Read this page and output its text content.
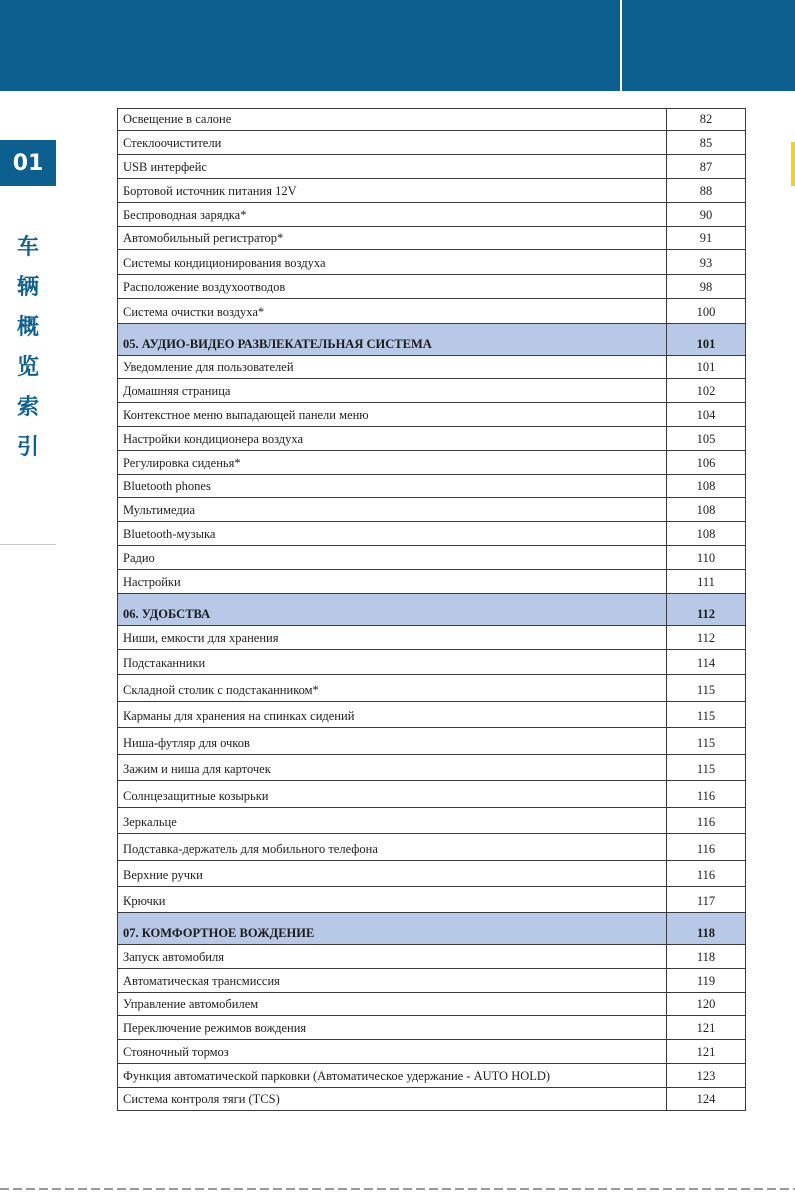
01
车
辆
概
览
索
引
Освещение в салоне	82
Стеклоочистители	85
USB интерфейс	87
Бортовой источник питания 12V	88
Беспроводная зарядка*	90
Автомобильный регистратор*	91
Системы кондиционирования воздуха	93
Расположение воздухоотводов	98
Система очистки воздуха*	100
05. АУДИО-ВИДЕО РАЗВЛЕКАТЕЛЬНАЯ СИСТЕМА	101
Уведомление для пользователей	101
Домашняя страница	102
Контекстное меню выпадающей панели меню	104
Настройки кондиционера воздуха	105
Регулировка сиденья*	106
Bluetooth phones	108
Мультимедиа	108
Bluetooth-музыка	108
Радио	110
Настройки	111
06. УДОБСТВА	112
Ниши, емкости для хранения	112
Подстаканники	114
Складной столик с подстаканником*	115
Карманы для хранения на спинках сидений	115
Ниша-футляр для очков	115
Зажим и ниша для карточек	115
Солнцезащитные козырьки	116
Зеркальце	116
Подставка-держатель для мобильного телефона	116
Верхние ручки	116
Крючки	117
07. КОМФОРТНОЕ ВОЖДЕНИЕ	118
Запуск автомобиля	118
Автоматическая трансмиссия	119
Управление автомобилем	120
Переключение режимов вождения	121
Стояночный тормоз	121
Функция автоматической парковки (Автоматическое удержание - AUTO HOLD)	123
Система контроля тяги (TCS)	124
